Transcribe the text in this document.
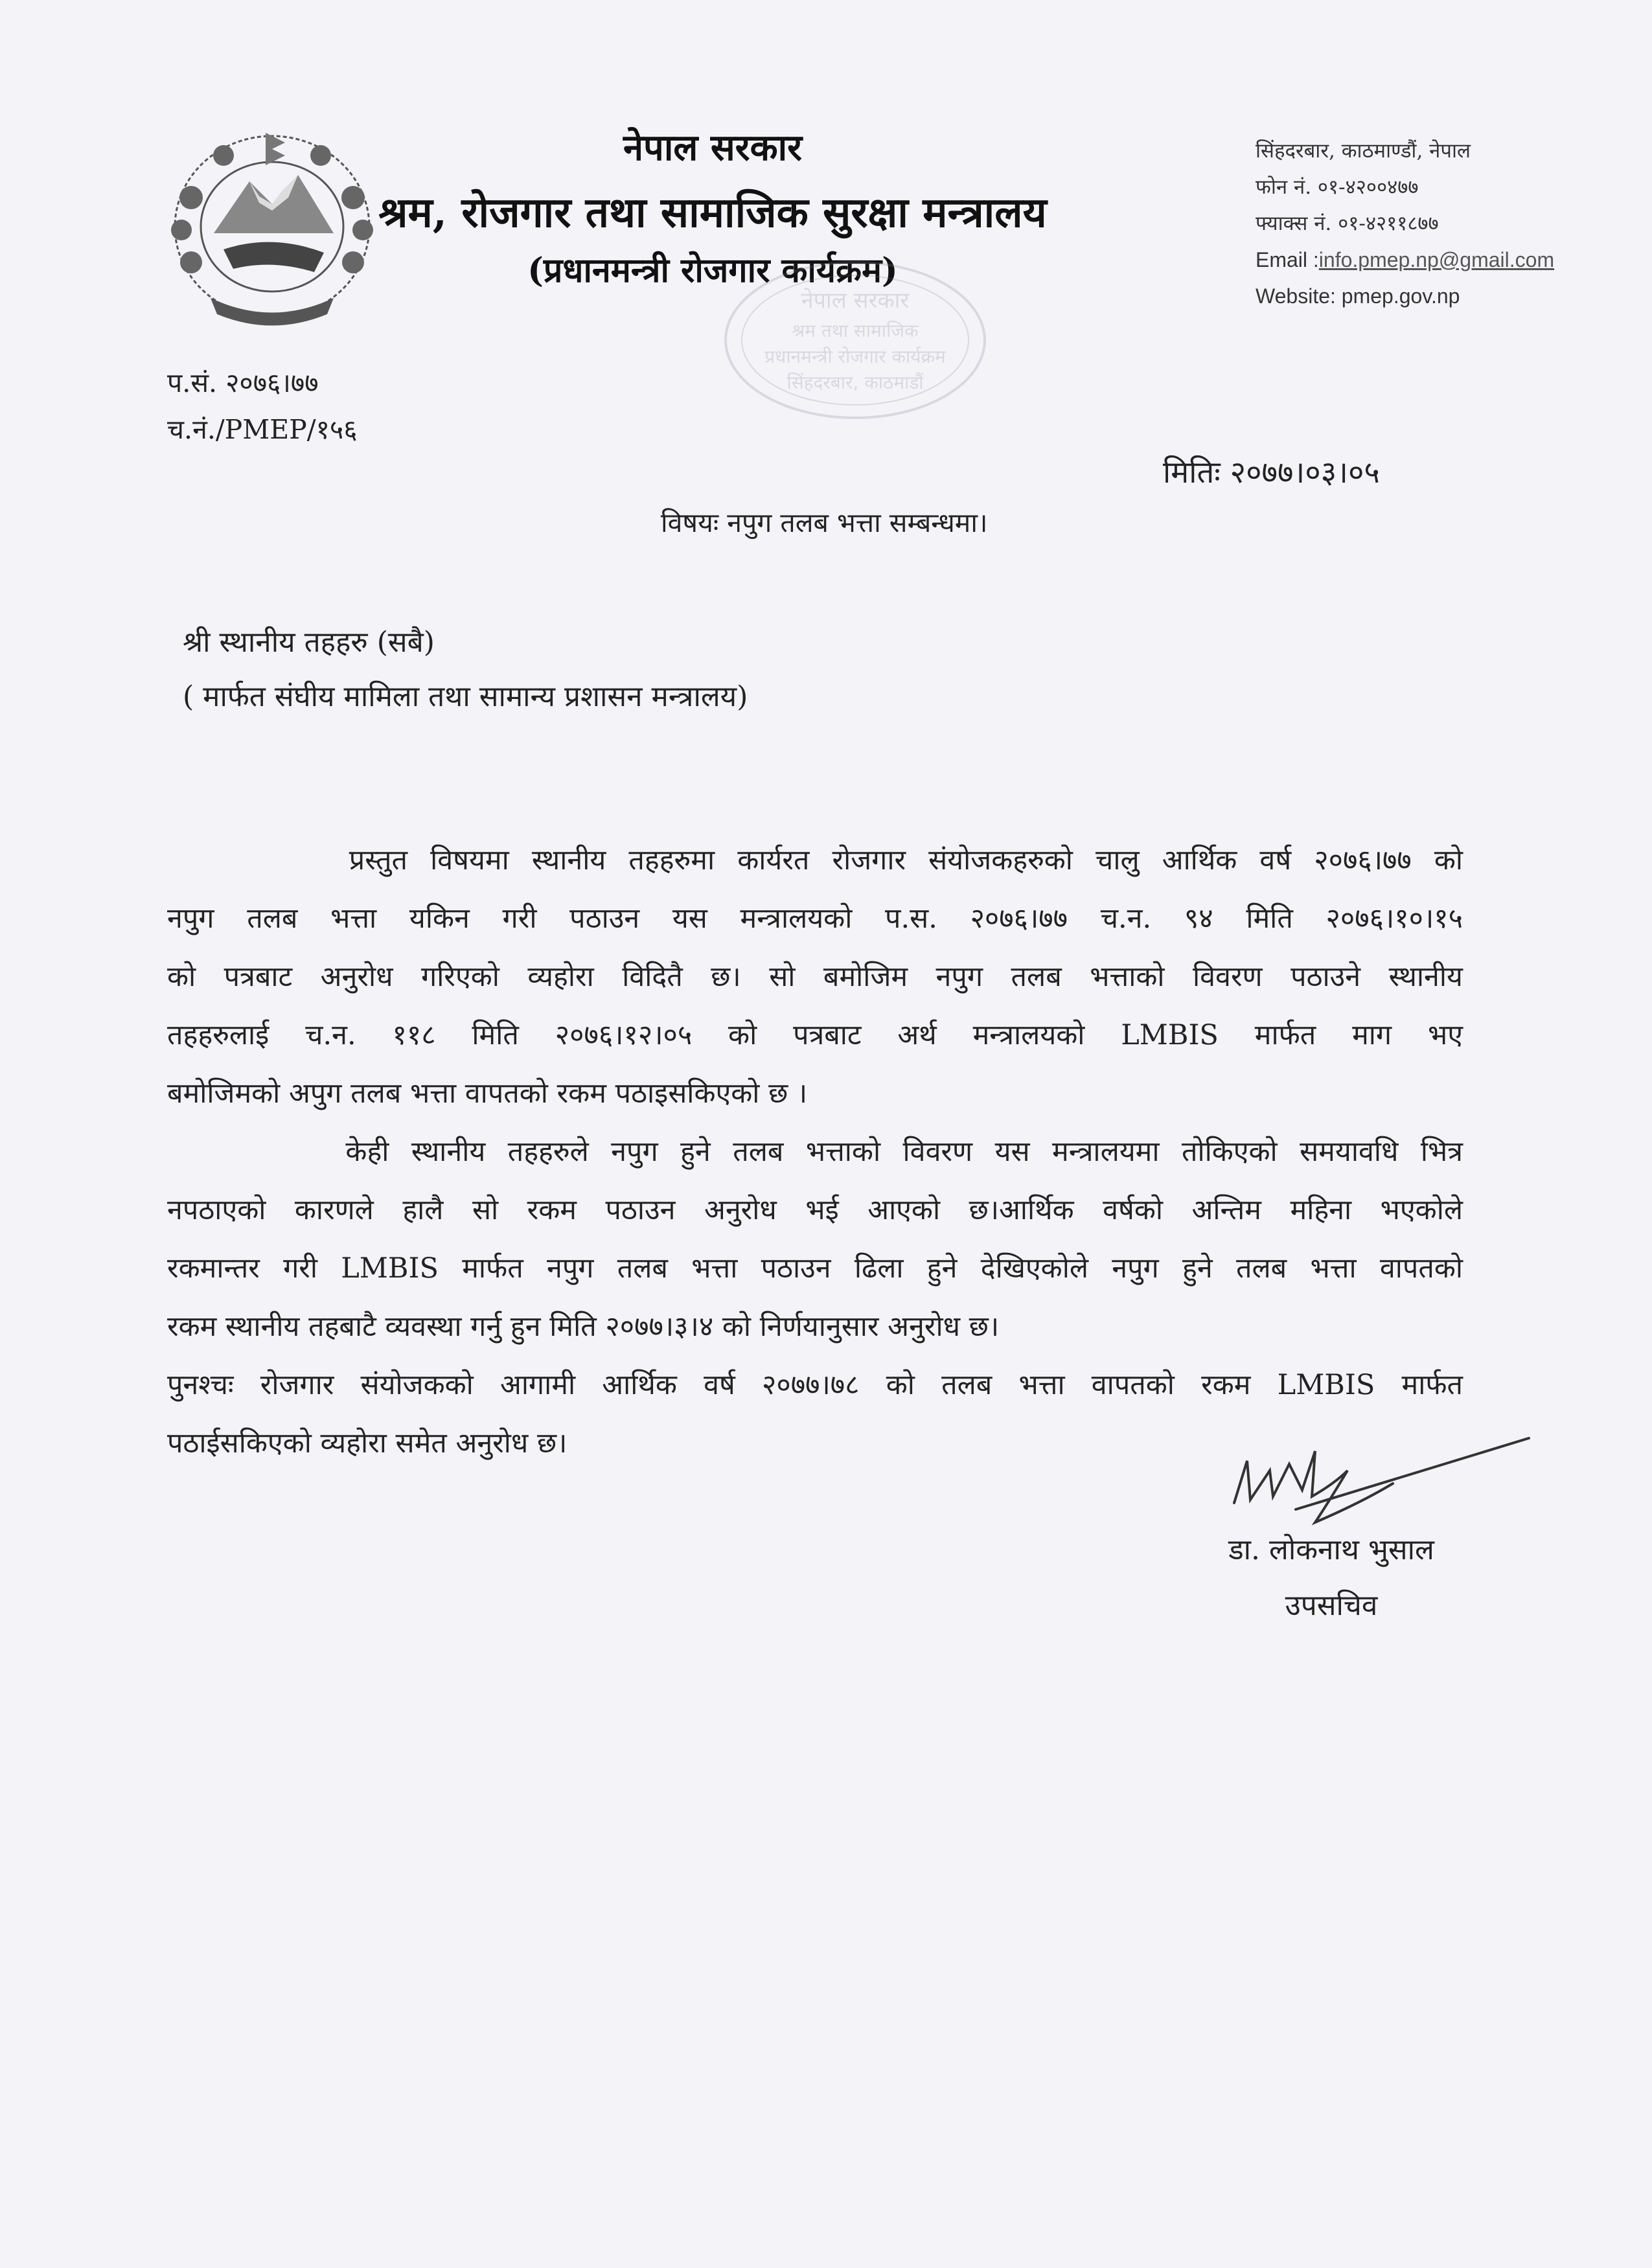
नेपाल सरकार
श्रम, रोजगार तथा सामाजिक सुरक्षा मन्त्रालय
(प्रधानमन्त्री रोजगार कार्यक्रम)
सिंहदरबार, काठमाण्डौं, नेपाल
फोन नं. ०१-४२००४७७
फ्याक्स नं. ०१-४२११८७७
Email :info.pmep.np@gmail.com
Website: pmep.gov.np
नेपाल सरकार
श्रम तथा सामाजिक
प्रधानमन्त्री रोजगार कार्यक्रम
सिंहदरबार, काठमाडौं
प.सं. २०७६।७७
च.नं./PMEP/१५६
मितिः २०७७।०३।०५
विषयः नपुग तलब भत्ता सम्बन्धमा।
श्री स्थानीय तहहरु (सबै)
( मार्फत संघीय मामिला तथा सामान्य प्रशासन मन्त्रालय)
प्रस्तुत विषयमा स्थानीय तहहरुमा कार्यरत रोजगार संयोजकहरुको चालु आर्थिक वर्ष २०७६।७७ को
नपुग तलब भत्ता यकिन गरी पठाउन यस मन्त्रालयको प.स. २०७६।७७ च.न. ९४ मिति २०७६।१०।१५
को पत्रबाट अनुरोध गरिएको व्यहोरा विदितै छ। सो बमोजिम नपुग तलब भत्ताको विवरण पठाउने स्थानीय
तहहरुलाई च.न. ११८ मिति २०७६।१२।०५ को पत्रबाट अर्थ मन्त्रालयको LMBIS मार्फत माग भए
बमोजिमको अपुग तलब भत्ता वापतको रकम पठाइसकिएको छ ।
केही स्थानीय तहहरुले नपुग हुने तलब भत्ताको विवरण यस मन्त्रालयमा तोकिएको समयावधि भित्र
नपठाएको कारणले हालै सो रकम पठाउन अनुरोध भई आएको छ।आर्थिक वर्षको अन्तिम महिना भएकोले
रकमान्तर गरी LMBIS मार्फत नपुग तलब भत्ता पठाउन ढिला हुने देखिएकोले नपुग हुने तलब भत्ता वापतको
रकम स्थानीय तहबाटै व्यवस्था गर्नु हुन मिति २०७७।३।४ को निर्णयानुसार अनुरोध छ।
पुनश्चः रोजगार संयोजकको आगामी आर्थिक वर्ष २०७७।७८ को तलब भत्ता वापतको रकम LMBIS मार्फत
पठाईसकिएको व्यहोरा समेत अनुरोध छ।
डा. लोकनाथ भुसाल
उपसचिव
